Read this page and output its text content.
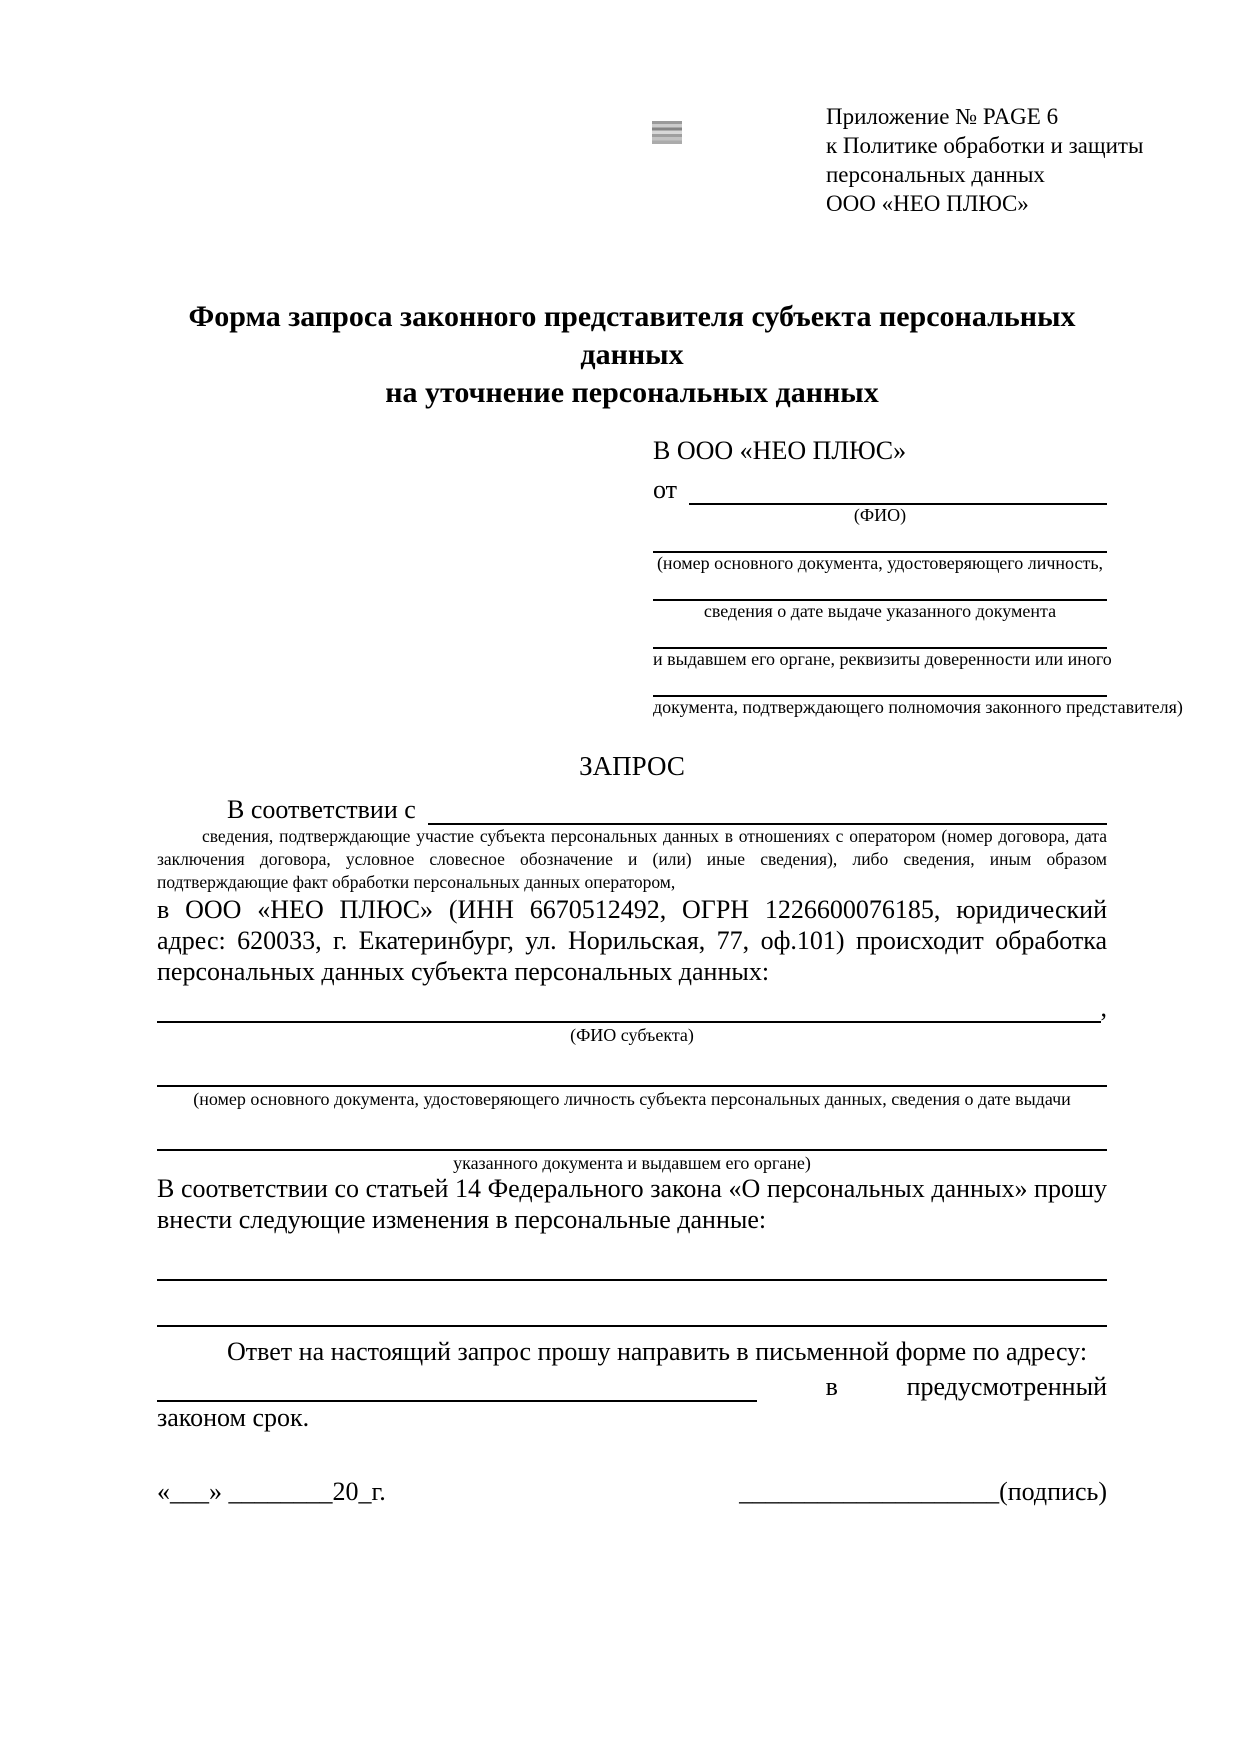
Приложение № PAGE 6
к Политике обработки и защиты
персональных данных
ООО «НЕО ПЛЮС»
Форма запроса законного представителя субъекта персональных данных
на уточнение персональных данных
В ООО «НЕО ПЛЮС»
от
(ФИО)
(номер основного документа, удостоверяющего личность,
сведения о дате выдаче указанного документа
и выдавшем его органе, реквизиты доверенности или иного
документа, подтверждающего полномочия законного представителя)
ЗАПРОС
В соответствии с
сведения, подтверждающие участие субъекта персональных данных в отношениях с оператором (номер договора, дата заключения договора, условное словесное обозначение и (или) иные сведения), либо сведения, иным образом подтверждающие факт обработки персональных данных оператором,
в ООО «НЕО ПЛЮС» (ИНН 6670512492, ОГРН 1226600076185, юридический адрес: 620033, г. Екатеринбург, ул. Норильская, 77, оф.101) происходит обработка персональных данных субъекта персональных данных:
,
(ФИО субъекта)
(номер основного документа, удостоверяющего личность субъекта персональных данных, сведения о дате выдачи
указанного документа и выдавшем его органе)
В соответствии со статьей 14 Федерального закона «О персональных данных» прошу внести следующие изменения в персональные данные:
Ответ на настоящий запрос прошу направить в письменной форме по адресу:
в	предусмотренный
законом срок.
«___» ________20_г.	____________________(подпись)
